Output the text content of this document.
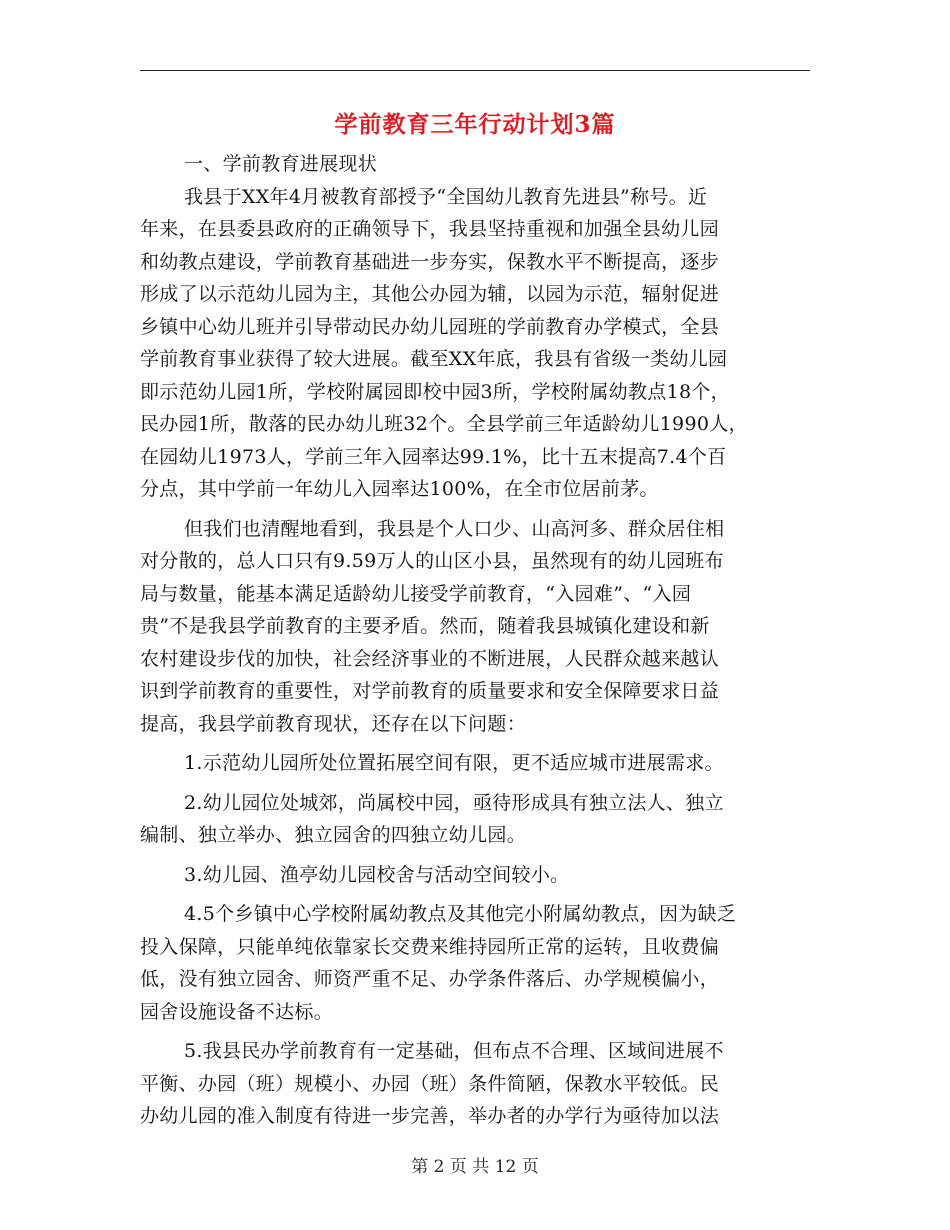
学前教育三年行动计划3篇
一、学前教育进展现状
我县于XX年4月被教育部授予“全国幼儿教育先进县”称号。近
年来，在县委县政府的正确领导下，我县坚持重视和加强全县幼儿园
和幼教点建设，学前教育基础进一步夯实，保教水平不断提高，逐步
形成了以示范幼儿园为主，其他公办园为辅，以园为示范，辐射促进
乡镇中心幼儿班并引导带动民办幼儿园班的学前教育办学模式，全县
学前教育事业获得了较大进展。截至XX年底，我县有省级一类幼儿园
即示范幼儿园1所，学校附属园即校中园3所，学校附属幼教点18个，
民办园1所，散落的民办幼儿班32个。全县学前三年适龄幼儿1990人，
在园幼儿1973人，学前三年入园率达99.1%，比十五末提高7.4个百
分点，其中学前一年幼儿入园率达100%，在全市位居前茅。
但我们也清醒地看到，我县是个人口少、山高河多、群众居住相
对分散的，总人口只有9.59万人的山区小县，虽然现有的幼儿园班布
局与数量，能基本满足适龄幼儿接受学前教育，“入园难”、“入园
贵”不是我县学前教育的主要矛盾。然而，随着我县城镇化建设和新
农村建设步伐的加快，社会经济事业的不断进展，人民群众越来越认
识到学前教育的重要性，对学前教育的质量要求和安全保障要求日益
提高，我县学前教育现状，还存在以下问题：
1.示范幼儿园所处位置拓展空间有限，更不适应城市进展需求。
2.幼儿园位处城郊，尚属校中园，亟待形成具有独立法人、独立
编制、独立举办、独立园舍的四独立幼儿园。
3.幼儿园、渔亭幼儿园校舍与活动空间较小。
4.5个乡镇中心学校附属幼教点及其他完小附属幼教点，因为缺乏
投入保障，只能单纯依靠家长交费来维持园所正常的运转，且收费偏
低，没有独立园舍、师资严重不足、办学条件落后、办学规模偏小，
园舍设施设备不达标。
5.我县民办学前教育有一定基础，但布点不合理、区域间进展不
平衡、办园（班）规模小、办园（班）条件简陋，保教水平较低。民
办幼儿园的准入制度有待进一步完善，举办者的办学行为亟待加以法
第 2 页 共 12 页
